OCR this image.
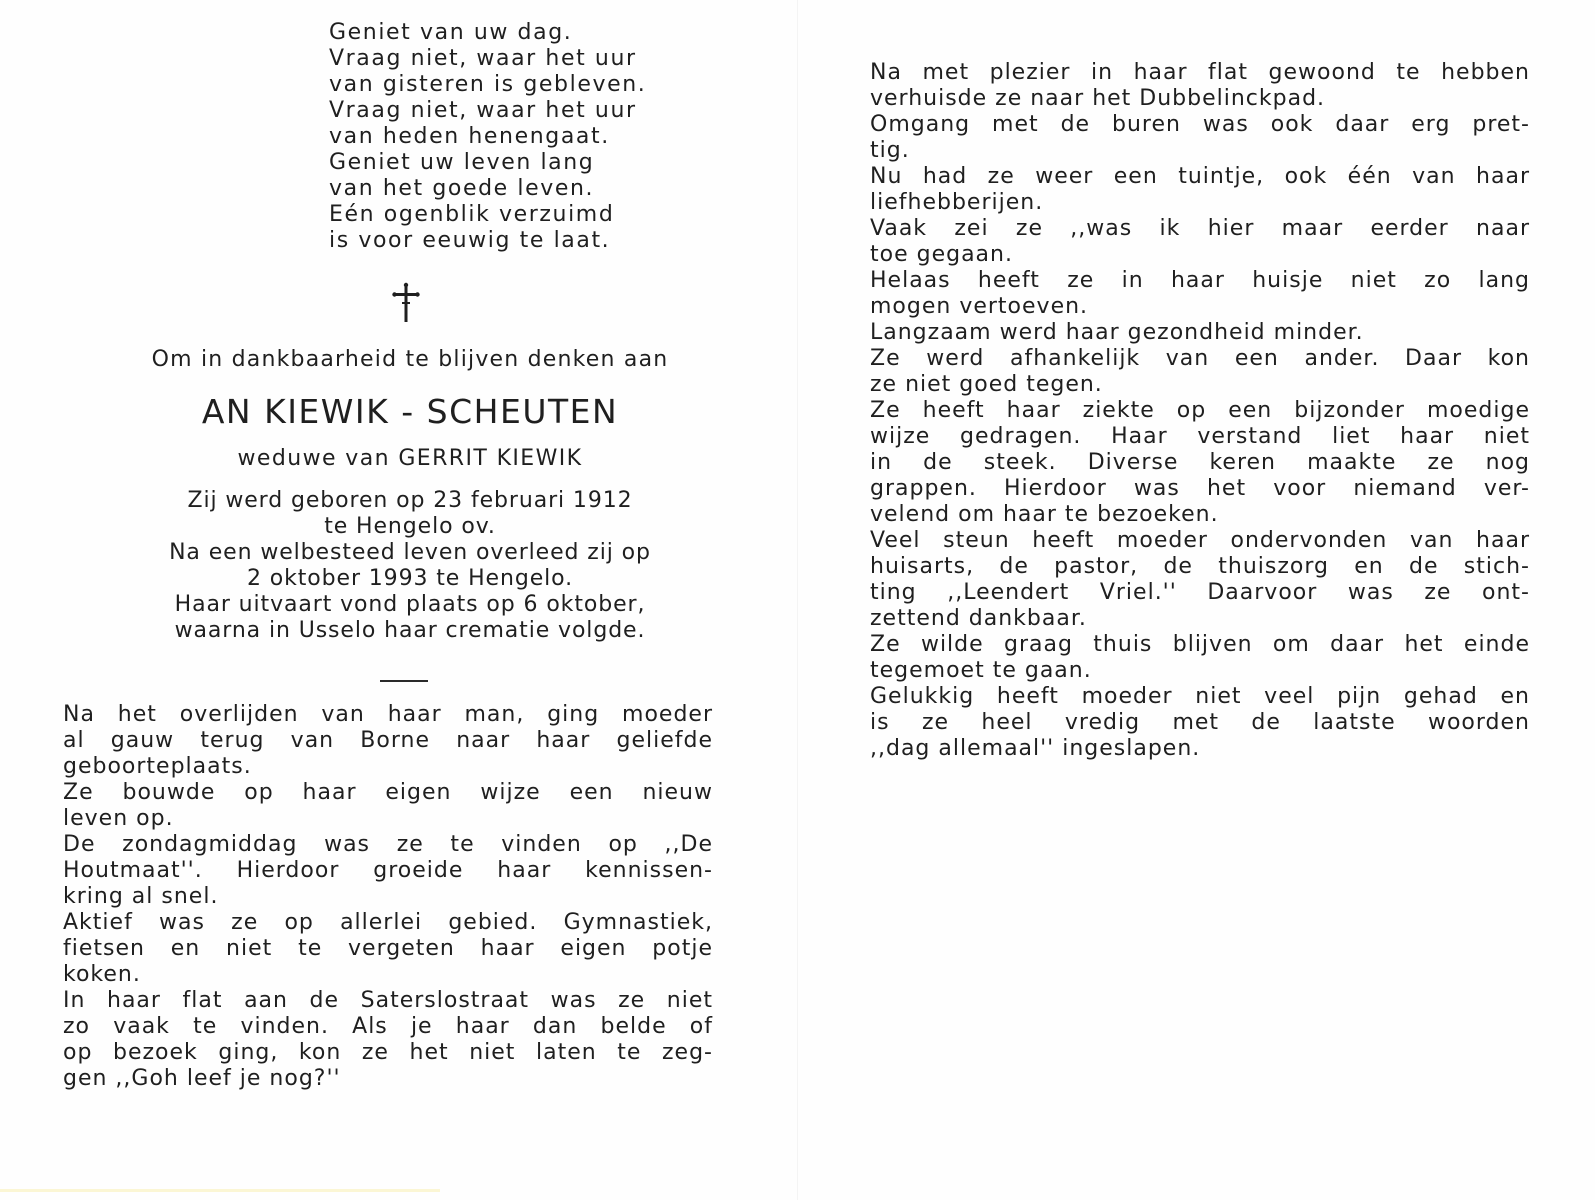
Geniet van uw dag.
Vraag niet, waar het uur
van gisteren is gebleven.
Vraag niet, waar het uur
van heden henengaat.
Geniet uw leven lang
van het goede leven.
Eén ogenblik verzuimd
is voor eeuwig te laat.
Om in dankbaarheid te blijven denken aan
AN KIEWIK - SCHEUTEN
weduwe van GERRIT KIEWIK
Zij werd geboren op 23 februari 1912
te Hengelo ov.
Na een welbesteed leven overleed zij op
2 oktober 1993 te Hengelo.
Haar uitvaart vond plaats op 6 oktober,
waarna in Usselo haar crematie volgde.
Na het overlijden van haar man, ging moeder
al gauw terug van Borne naar haar geliefde
geboorteplaats.
Ze bouwde op haar eigen wijze een nieuw
leven op.
De zondagmiddag was ze te vinden op ,,De
Houtmaat''. Hierdoor groeide haar kennissen-
kring al snel.
Aktief was ze op allerlei gebied. Gymnastiek,
fietsen en niet te vergeten haar eigen potje
koken.
In haar flat aan de Saterslostraat was ze niet
zo vaak te vinden. Als je haar dan belde of
op bezoek ging, kon ze het niet laten te zeg-
gen ,,Goh leef je nog?''
Na met plezier in haar flat gewoond te hebben
verhuisde ze naar het Dubbelinckpad.
Omgang met de buren was ook daar erg pret-
tig.
Nu had ze weer een tuintje, ook één van haar
liefhebberijen.
Vaak zei ze ,,was ik hier maar eerder naar
toe gegaan.
Helaas heeft ze in haar huisje niet zo lang
mogen vertoeven.
Langzaam werd haar gezondheid minder.
Ze werd afhankelijk van een ander. Daar kon
ze niet goed tegen.
Ze heeft haar ziekte op een bijzonder moedige
wijze gedragen. Haar verstand liet haar niet
in de steek. Diverse keren maakte ze nog
grappen. Hierdoor was het voor niemand ver-
velend om haar te bezoeken.
Veel steun heeft moeder ondervonden van haar
huisarts, de pastor, de thuiszorg en de stich-
ting ,,Leendert Vriel.'' Daarvoor was ze ont-
zettend dankbaar.
Ze wilde graag thuis blijven om daar het einde
tegemoet te gaan.
Gelukkig heeft moeder niet veel pijn gehad en
is ze heel vredig met de laatste woorden
,,dag allemaal'' ingeslapen.
